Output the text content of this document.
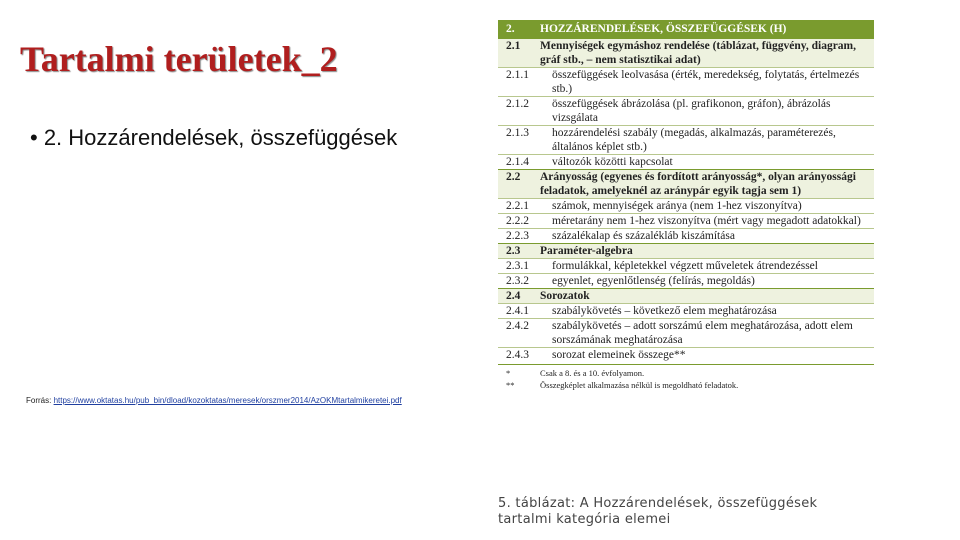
Tartalmi területek_2
• 2. Hozzárendelések, összefüggések
Forrás: https://www.oktatas.hu/pub_bin/dload/kozoktatas/meresek/orszmer2014/AzOKMtartalmikeretei.pdf
2.	HOZZÁRENDELÉSEK, ÖSSZEFÜGGÉSEK (H)
2.1	Mennyiségek egymáshoz rendelése (táblázat, függvény, diagram, gráf stb., – nem statisztikai adat)
2.1.1	összefüggések leolvasása (érték, meredekség, folytatás, értelmezés stb.)
2.1.2	összefüggések ábrázolása (pl. grafikonon, gráfon), ábrázolás vizsgálata
2.1.3	hozzárendelési szabály (megadás, alkalmazás, paraméterezés, általános képlet stb.)
2.1.4	változók közötti kapcsolat
2.2	Arányosság (egyenes és fordított arányosság*, olyan arányossági feladatok, amelyeknél az aránypár egyik tagja sem 1)
2.2.1	számok, mennyiségek aránya (nem 1-hez viszonyítva)
2.2.2	méretarány nem 1-hez viszonyítva (mért vagy megadott adatokkal)
2.2.3	százalékalap és százalékláb kiszámítása
2.3	Paraméter-algebra
2.3.1	formulákkal, képletekkel végzett műveletek átrendezéssel
2.3.2	egyenlet, egyenlőtlenség (felírás, megoldás)
2.4	Sorozatok
2.4.1	szabálykövetés – következő elem meghatározása
2.4.2	szabálykövetés – adott sorszámú elem meghatározása, adott elem sorszámának meghatározása
2.4.3	sorozat elemeinek összege**
*	Csak a 8. és a 10. évfolyamon.
**	Összegképlet alkalmazása nélkül is megoldható feladatok.
5. táblázat: A Hozzárendelések, összefüggések tartalmi kategória elemei
